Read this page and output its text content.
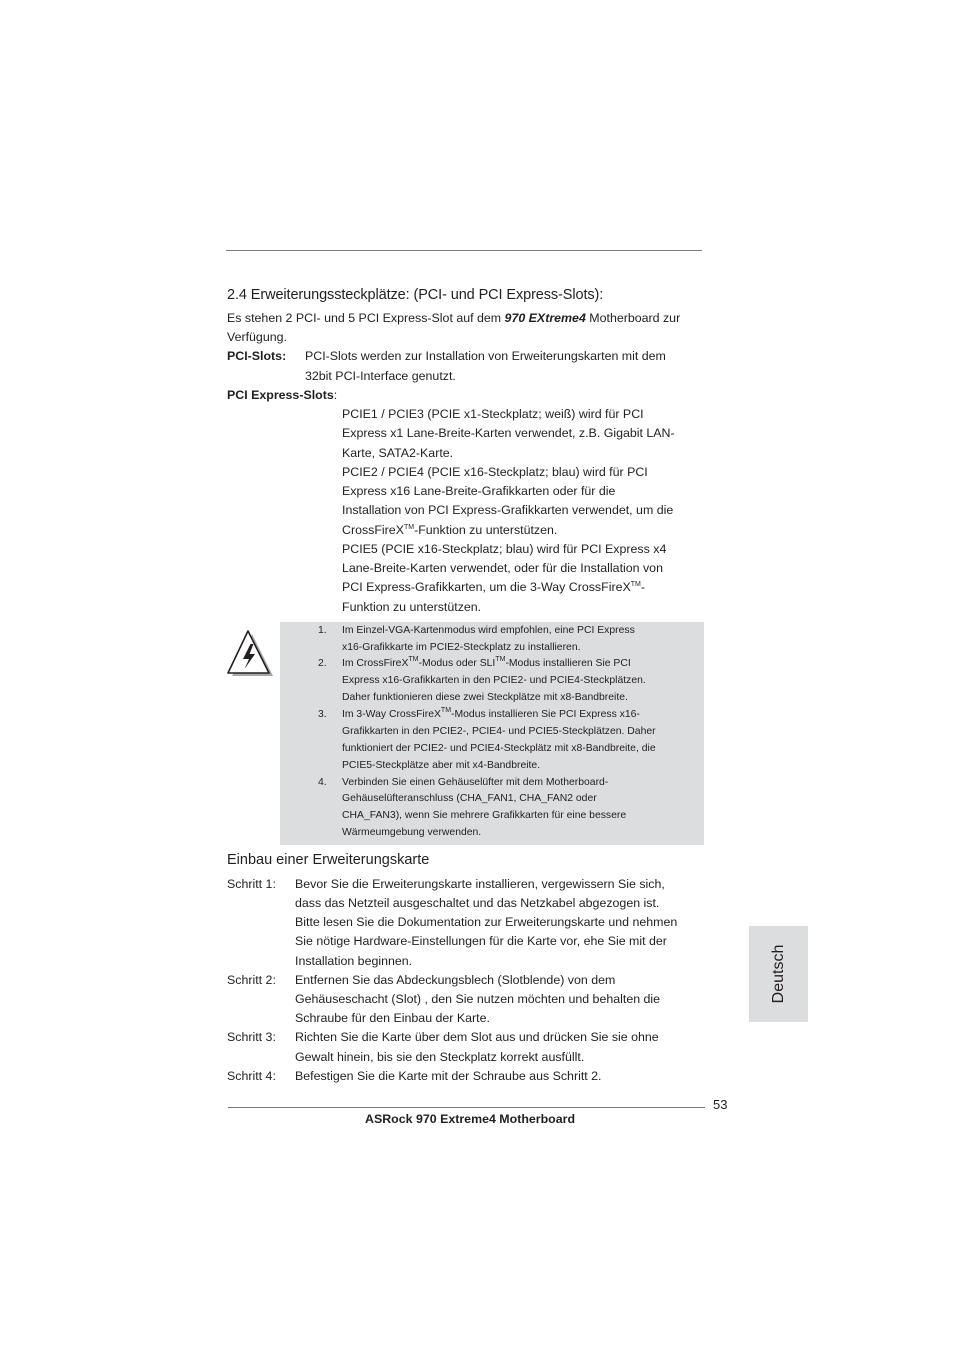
2.4 Erweiterungssteckplätze: (PCI- und PCI Express-Slots):
Es stehen 2 PCI- und 5 PCI Express-Slot auf dem 970 EXtreme4 Motherboard zur
Verfügung.
PCI-Slots: PCI-Slots werden zur Installation von Erweiterungskarten mit dem
32bit PCI-Interface genutzt.
PCI Express-Slots:
PCIE1 / PCIE3 (PCIE x1-Steckplatz; weiß) wird für PCI
Express x1 Lane-Breite-Karten verwendet, z.B. Gigabit LAN-
Karte, SATA2-Karte.
PCIE2 / PCIE4 (PCIE x16-Steckplatz; blau) wird für PCI
Express x16 Lane-Breite-Grafikkarten oder für die
Installation von PCI Express-Grafikkarten verwendet, um die
CrossFireX™-Funktion zu unterstützen.
PCIE5 (PCIE x16-Steckplatz; blau) wird für PCI Express x4
Lane-Breite-Karten verwendet, oder für die Installation von
PCI Express-Grafikkarten, um die 3-Way CrossFireX™-
Funktion zu unterstützen.
1. Im Einzel-VGA-Kartenmodus wird empfohlen, eine PCI Express
x16-Grafikkarte im PCIE2-Steckplatz zu installieren.
2. Im CrossFireX™-Modus oder SLI™-Modus installieren Sie PCI
Express x16-Grafikkarten in den PCIE2- und PCIE4-Steckplätzen.
Daher funktionieren diese zwei Steckplätze mit x8-Bandbreite.
3. Im 3-Way CrossFireX™-Modus installieren Sie PCI Express x16-
Grafikkarten in den PCIE2-, PCIE4- und PCIE5-Steckplätzen. Daher
funktioniert der PCIE2- und PCIE4-Steckplätz mit x8-Bandbreite, die
PCIE5-Steckplätze aber mit x4-Bandbreite.
4. Verbinden Sie einen Gehäuselüfter mit dem Motherboard-
Gehäuselüfteranschluss (CHA_FAN1, CHA_FAN2 oder
CHA_FAN3), wenn Sie mehrere Grafikkarten für eine bessere
Wärmeumgebung verwenden.
Einbau einer Erweiterungskarte
Schritt 1: Bevor Sie die Erweiterungskarte installieren, vergewissern Sie sich,
dass das Netzteil ausgeschaltet und das Netzkabel abgezogen ist.
Bitte lesen Sie die Dokumentation zur Erweiterungskarte und nehmen
Sie nötige Hardware-Einstellungen für die Karte vor, ehe Sie mit der
Installation beginnen.
Schritt 2: Entfernen Sie das Abdeckungsblech (Slotblende) von dem
Gehäuseschacht (Slot) , den Sie nutzen möchten und behalten die
Schraube für den Einbau der Karte.
Schritt 3: Richten Sie die Karte über dem Slot aus und drücken Sie sie ohne
Gewalt hinein, bis sie den Steckplatz korrekt ausfüllt.
Schritt 4: Befestigen Sie die Karte mit der Schraube aus Schritt 2.
Deutsch
53
ASRock 970 Extreme4 Motherboard
